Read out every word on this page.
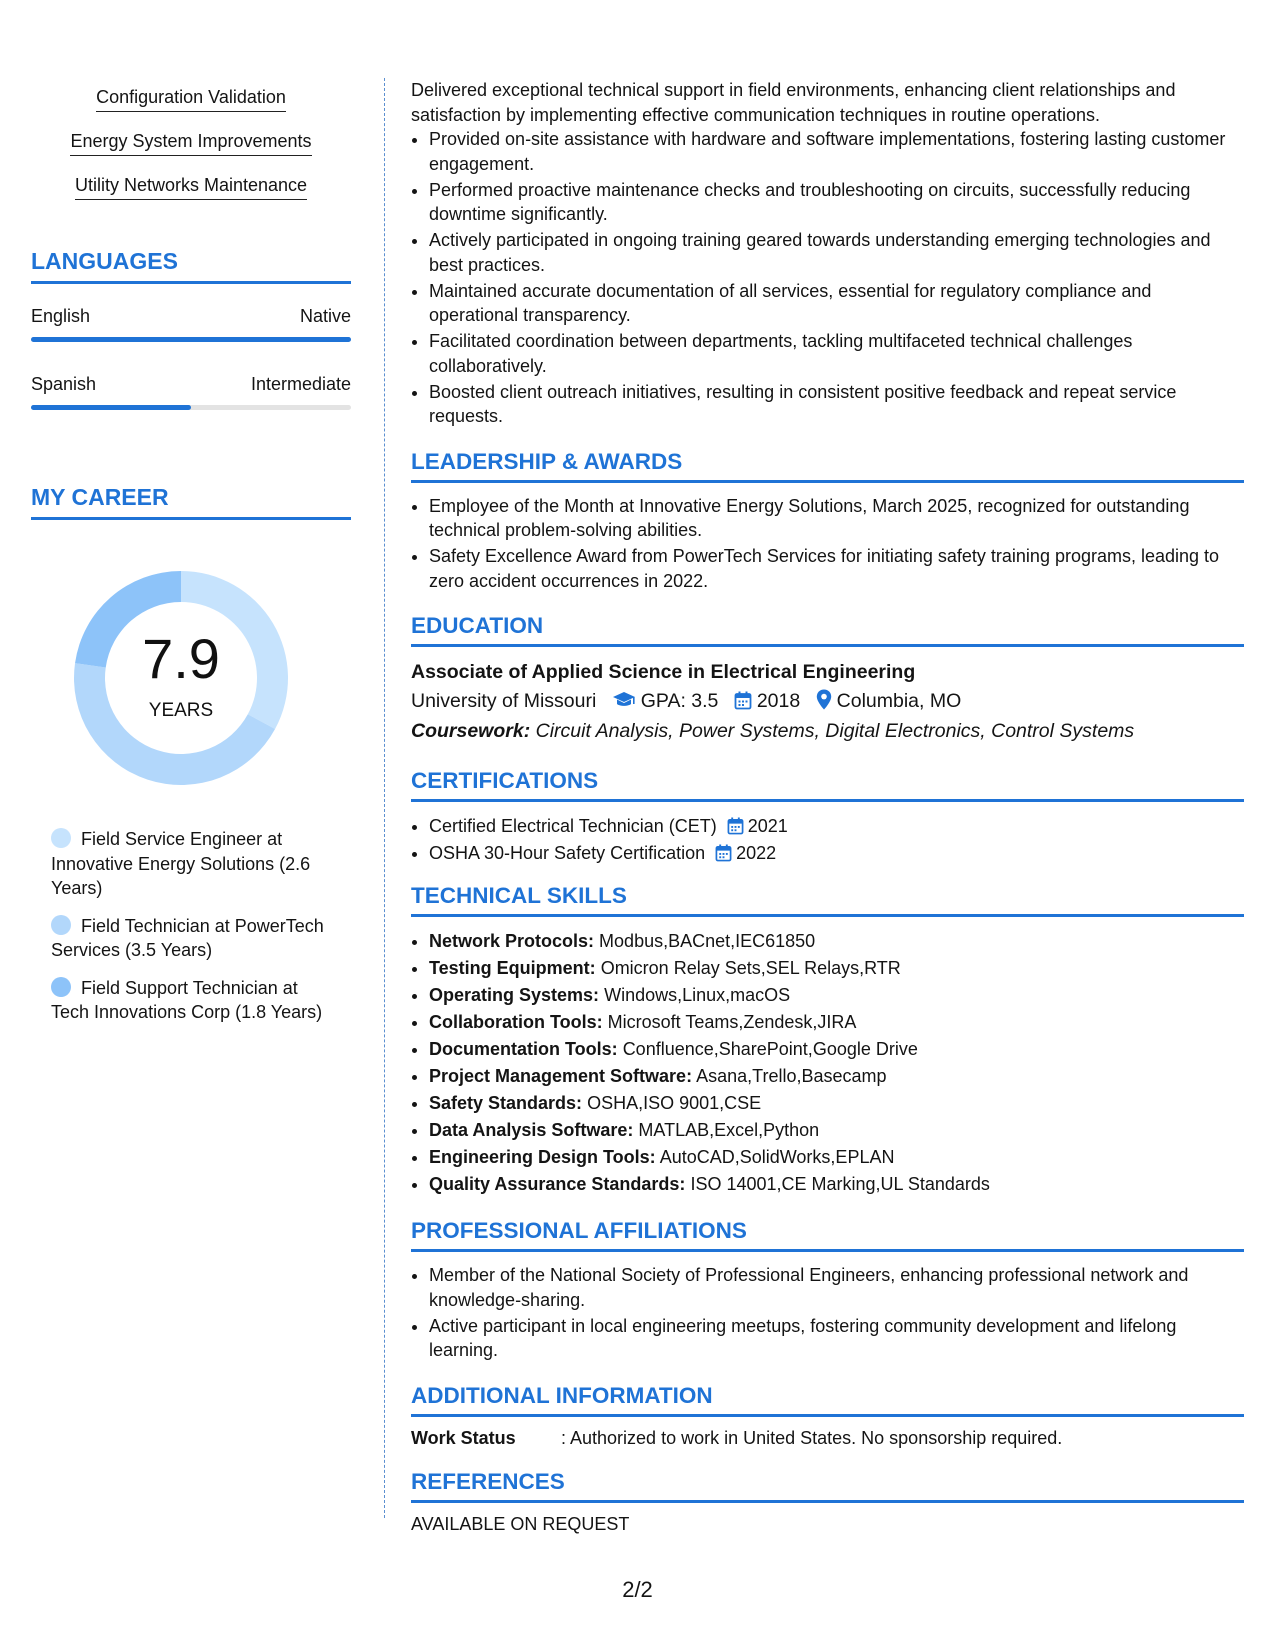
Configuration Validation
Energy System Improvements
Utility Networks Maintenance
LANGUAGES
English	Native
Spanish	Intermediate
MY CAREER
7.9
YEARS
Field Service Engineer at Innovative Energy Solutions (2.6 Years)
Field Technician at PowerTech Services (3.5 Years)
Field Support Technician at Tech Innovations Corp (1.8 Years)

Delivered exceptional technical support in field environments, enhancing client relationships and satisfaction by implementing effective communication techniques in routine operations.

• Provided on-site assistance with hardware and software implementations, fostering lasting customer engagement.
• Performed proactive maintenance checks and troubleshooting on circuits, successfully reducing downtime significantly.
• Actively participated in ongoing training geared towards understanding emerging technologies and best practices.
• Maintained accurate documentation of all services, essential for regulatory compliance and operational transparency.
• Facilitated coordination between departments, tackling multifaceted technical challenges collaboratively.
• Boosted client outreach initiatives, resulting in consistent positive feedback and repeat service requests.
LEADERSHIP & AWARDS
• Employee of the Month at Innovative Energy Solutions, March 2025, recognized for outstanding technical problem-solving abilities.
• Safety Excellence Award from PowerTech Services for initiating safety training programs, leading to zero accident occurrences in 2022.
EDUCATION
Associate of Applied Science in Electrical Engineering
University of Missouri GPA: 3.5 2018 Columbia, MO
Coursework: Circuit Analysis, Power Systems, Digital Electronics, Control Systems
CERTIFICATIONS
• Certified Electrical Technician (CET) 2021
• OSHA 30-Hour Safety Certification 2022
TECHNICAL SKILLS
• Network Protocols: Modbus,BACnet,IEC61850
• Testing Equipment: Omicron Relay Sets,SEL Relays,RTR
• Operating Systems: Windows,Linux,macOS
• Collaboration Tools: Microsoft Teams,Zendesk,JIRA
• Documentation Tools: Confluence,SharePoint,Google Drive
• Project Management Software: Asana,Trello,Basecamp
• Safety Standards: OSHA,ISO 9001,CSE
• Data Analysis Software: MATLAB,Excel,Python
• Engineering Design Tools: AutoCAD,SolidWorks,EPLAN
• Quality Assurance Standards: ISO 14001,CE Marking,UL Standards
PROFESSIONAL AFFILIATIONS
• Member of the National Society of Professional Engineers, enhancing professional network and knowledge-sharing.
• Active participant in local engineering meetups, fostering community development and lifelong learning.
ADDITIONAL INFORMATION
Work Status	: Authorized to work in United States. No sponsorship required.
REFERENCES
AVAILABLE ON REQUEST
2/2
